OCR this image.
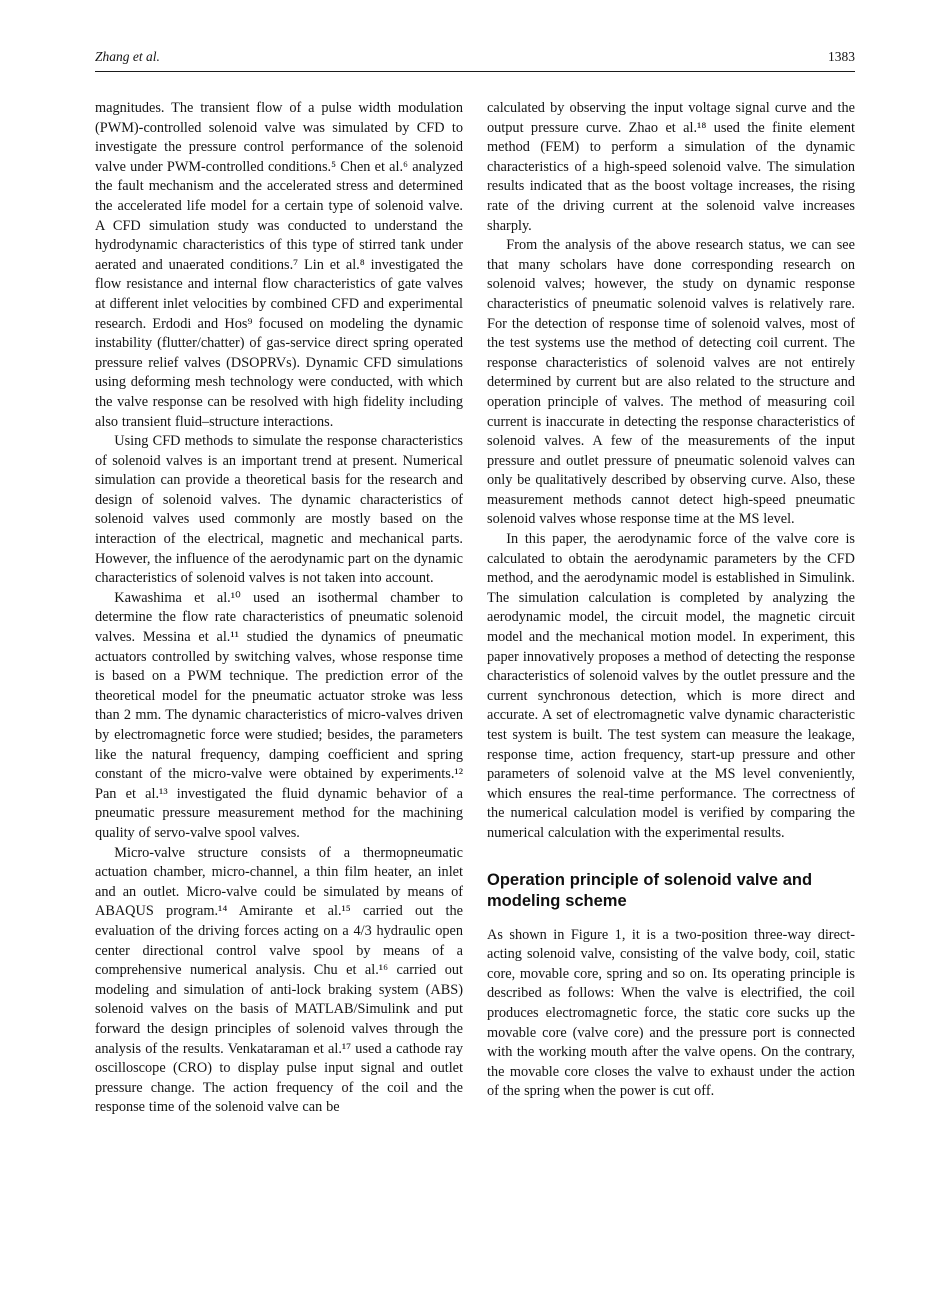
Zhang et al.	1383

magnitudes. The transient flow of a pulse width modulation (PWM)-controlled solenoid valve was simulated by CFD to investigate the pressure control performance of the solenoid valve under PWM-controlled conditions.⁵ Chen et al.⁶ analyzed the fault mechanism and the accelerated stress and determined the accelerated life model for a certain type of solenoid valve. A CFD simulation study was conducted to understand the hydrodynamic characteristics of this type of stirred tank under aerated and unaerated conditions.⁷ Lin et al.⁸ investigated the flow resistance and internal flow characteristics of gate valves at different inlet velocities by combined CFD and experimental research. Erdodi and Hos⁹ focused on modeling the dynamic instability (flutter/chatter) of gas-service direct spring operated pressure relief valves (DSOPRVs). Dynamic CFD simulations using deforming mesh technology were conducted, with which the valve response can be resolved with high fidelity including also transient fluid–structure interactions.

Using CFD methods to simulate the response characteristics of solenoid valves is an important trend at present. Numerical simulation can provide a theoretical basis for the research and design of solenoid valves. The dynamic characteristics of solenoid valves used commonly are mostly based on the interaction of the electrical, magnetic and mechanical parts. However, the influence of the aerodynamic part on the dynamic characteristics of solenoid valves is not taken into account.

Kawashima et al.¹⁰ used an isothermal chamber to determine the flow rate characteristics of pneumatic solenoid valves. Messina et al.¹¹ studied the dynamics of pneumatic actuators controlled by switching valves, whose response time is based on a PWM technique. The prediction error of the theoretical model for the pneumatic actuator stroke was less than 2 mm. The dynamic characteristics of micro-valves driven by electromagnetic force were studied; besides, the parameters like the natural frequency, damping coefficient and spring constant of the micro-valve were obtained by experiments.¹² Pan et al.¹³ investigated the fluid dynamic behavior of a pneumatic pressure measurement method for the machining quality of servo-valve spool valves.

Micro-valve structure consists of a thermopneumatic actuation chamber, micro-channel, a thin film heater, an inlet and an outlet. Micro-valve could be simulated by means of ABAQUS program.¹⁴ Amirante et al.¹⁵ carried out the evaluation of the driving forces acting on a 4/3 hydraulic open center directional control valve spool by means of a comprehensive numerical analysis. Chu et al.¹⁶ carried out modeling and simulation of anti-lock braking system (ABS) solenoid valves on the basis of MATLAB/Simulink and put forward the design principles of solenoid valves through the analysis of the results. Venkataraman et al.¹⁷ used a cathode ray oscilloscope (CRO) to display pulse input signal and outlet pressure change. The action frequency of the coil and the response time of the solenoid valve can be

calculated by observing the input voltage signal curve and the output pressure curve. Zhao et al.¹⁸ used the finite element method (FEM) to perform a simulation of the dynamic characteristics of a high-speed solenoid valve. The simulation results indicated that as the boost voltage increases, the rising rate of the driving current at the solenoid valve increases sharply.

From the analysis of the above research status, we can see that many scholars have done corresponding research on solenoid valves; however, the study on dynamic response characteristics of pneumatic solenoid valves is relatively rare. For the detection of response time of solenoid valves, most of the test systems use the method of detecting coil current. The response characteristics of solenoid valves are not entirely determined by current but are also related to the structure and operation principle of valves. The method of measuring coil current is inaccurate in detecting the response characteristics of solenoid valves. A few of the measurements of the input pressure and outlet pressure of pneumatic solenoid valves can only be qualitatively described by observing curve. Also, these measurement methods cannot detect high-speed pneumatic solenoid valves whose response time at the MS level.

In this paper, the aerodynamic force of the valve core is calculated to obtain the aerodynamic parameters by the CFD method, and the aerodynamic model is established in Simulink. The simulation calculation is completed by analyzing the aerodynamic model, the circuit model, the magnetic circuit model and the mechanical motion model. In experiment, this paper innovatively proposes a method of detecting the response characteristics of solenoid valves by the outlet pressure and the current synchronous detection, which is more direct and accurate. A set of electromagnetic valve dynamic characteristic test system is built. The test system can measure the leakage, response time, action frequency, start-up pressure and other parameters of solenoid valve at the MS level conveniently, which ensures the real-time performance. The correctness of the numerical calculation model is verified by comparing the numerical calculation with the experimental results.

Operation principle of solenoid valve and modeling scheme

As shown in Figure 1, it is a two-position three-way direct-acting solenoid valve, consisting of the valve body, coil, static core, movable core, spring and so on. Its operating principle is described as follows: When the valve is electrified, the coil produces electromagnetic force, the static core sucks up the movable core (valve core) and the pressure port is connected with the working mouth after the valve opens. On the contrary, the movable core closes the valve to exhaust under the action of the spring when the power is cut off.
